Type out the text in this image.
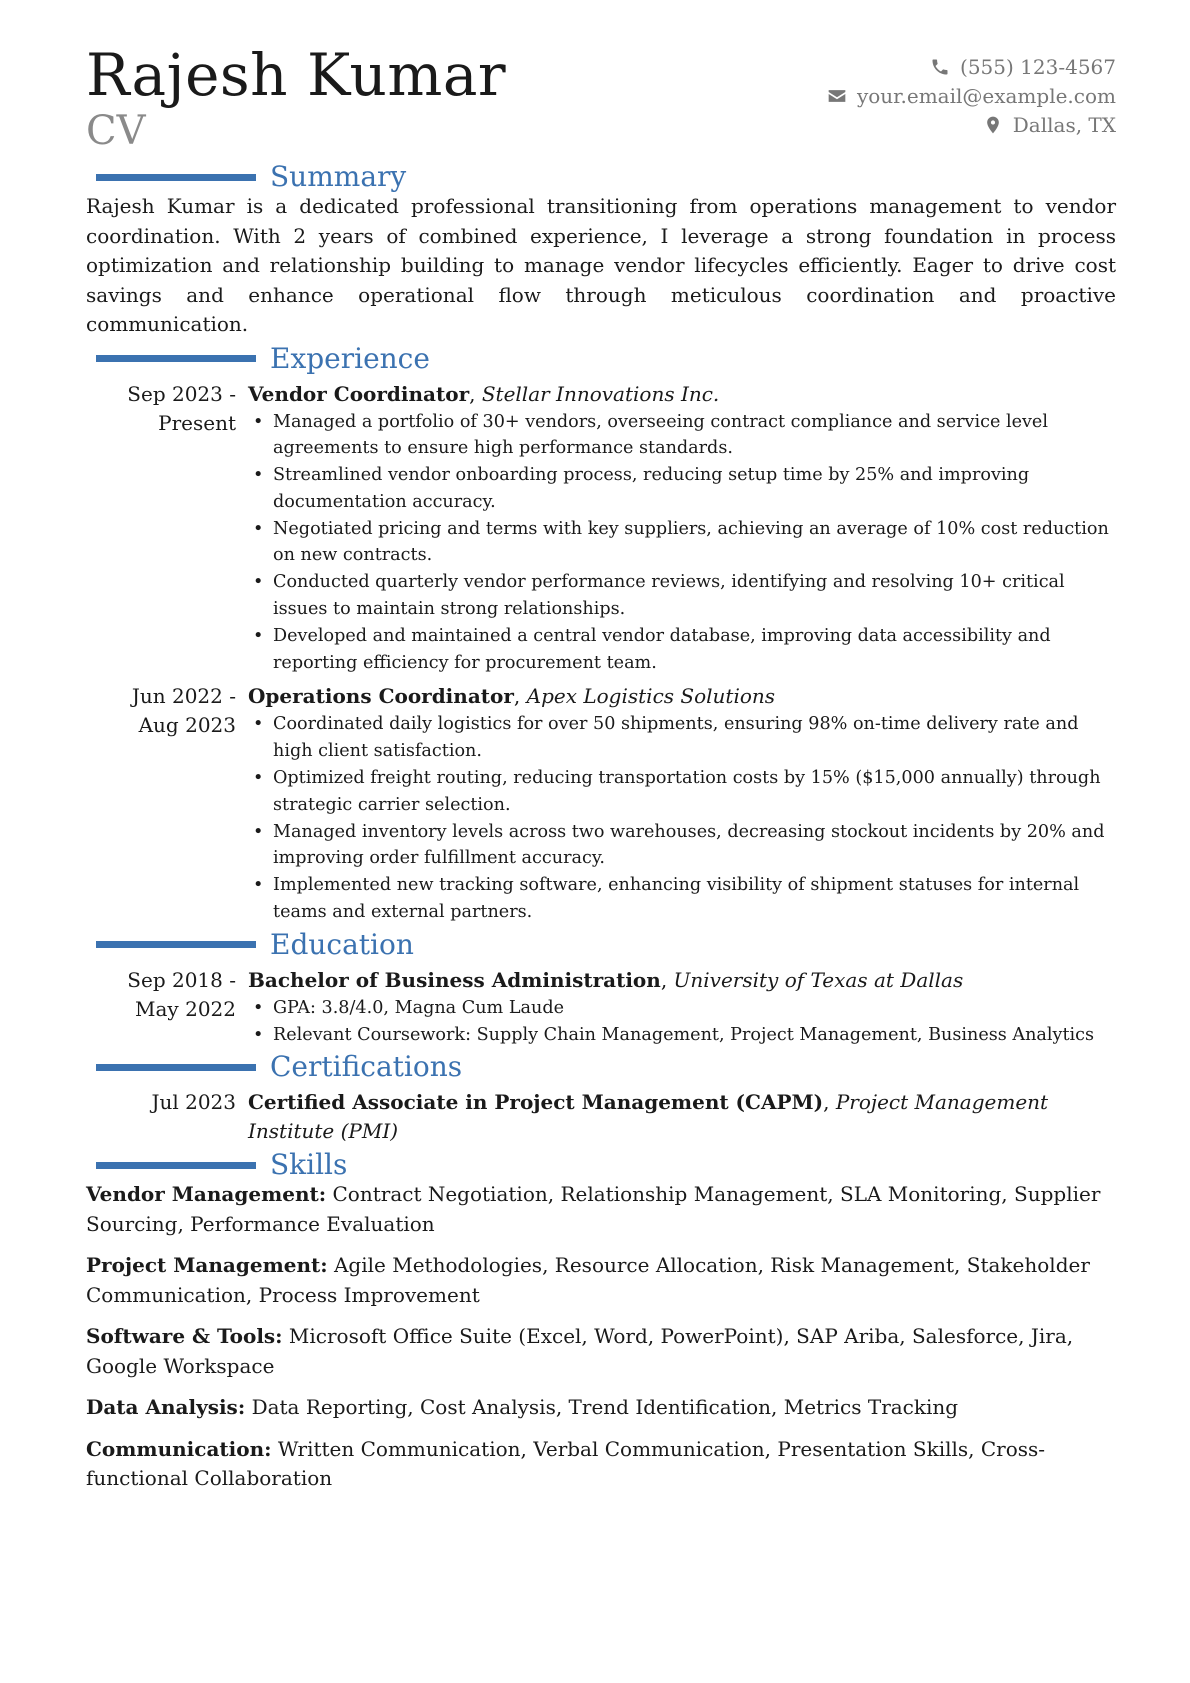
Rajesh Kumar
CV
(555) 123-4567
your.email@example.com
Dallas, TX
Summary

Rajesh Kumar is a dedicated professional transitioning from operations management to vendor coordination. With 2 years of combined experience, I leverage a strong foundation in process optimization and relationship building to manage vendor lifecycles efficiently. Eager to drive cost savings and enhance operational flow through meticulous coordination and proactive communication.

Experience
Sep 2023 - Present
Vendor Coordinator, Stellar Innovations Inc.
• Managed a portfolio of 30+ vendors, overseeing contract compliance and service level agreements to ensure high performance standards.
• Streamlined vendor onboarding process, reducing setup time by 25% and improving documentation accuracy.
• Negotiated pricing and terms with key suppliers, achieving an average of 10% cost reduction on new contracts.
• Conducted quarterly vendor performance reviews, identifying and resolving 10+ critical issues to maintain strong relationships.
• Developed and maintained a central vendor database, improving data accessibility and reporting efficiency for procurement team.
Jun 2022 - Aug 2023
Operations Coordinator, Apex Logistics Solutions
• Coordinated daily logistics for over 50 shipments, ensuring 98% on-time delivery rate and high client satisfaction.
• Optimized freight routing, reducing transportation costs by 15% ($15,000 annually) through strategic carrier selection.
• Managed inventory levels across two warehouses, decreasing stockout incidents by 20% and improving order fulfillment accuracy.
• Implemented new tracking software, enhancing visibility of shipment statuses for internal teams and external partners.
Education
Sep 2018 - May 2022
Bachelor of Business Administration, University of Texas at Dallas
• GPA: 3.8/4.0, Magna Cum Laude
• Relevant Coursework: Supply Chain Management, Project Management, Business Analytics
Certifications
Jul 2023 Certified Associate in Project Management (CAPM), Project Management Institute (PMI)
Skills

Vendor Management: Contract Negotiation, Relationship Management, SLA Monitoring, Supplier Sourcing, Performance Evaluation

Project Management: Agile Methodologies, Resource Allocation, Risk Management, Stakeholder Communication, Process Improvement

Software & Tools: Microsoft Office Suite (Excel, Word, PowerPoint), SAP Ariba, Salesforce, Jira, Google Workspace

Data Analysis: Data Reporting, Cost Analysis, Trend Identification, Metrics Tracking

Communication: Written Communication, Verbal Communication, Presentation Skills, Cross-functional Collaboration
